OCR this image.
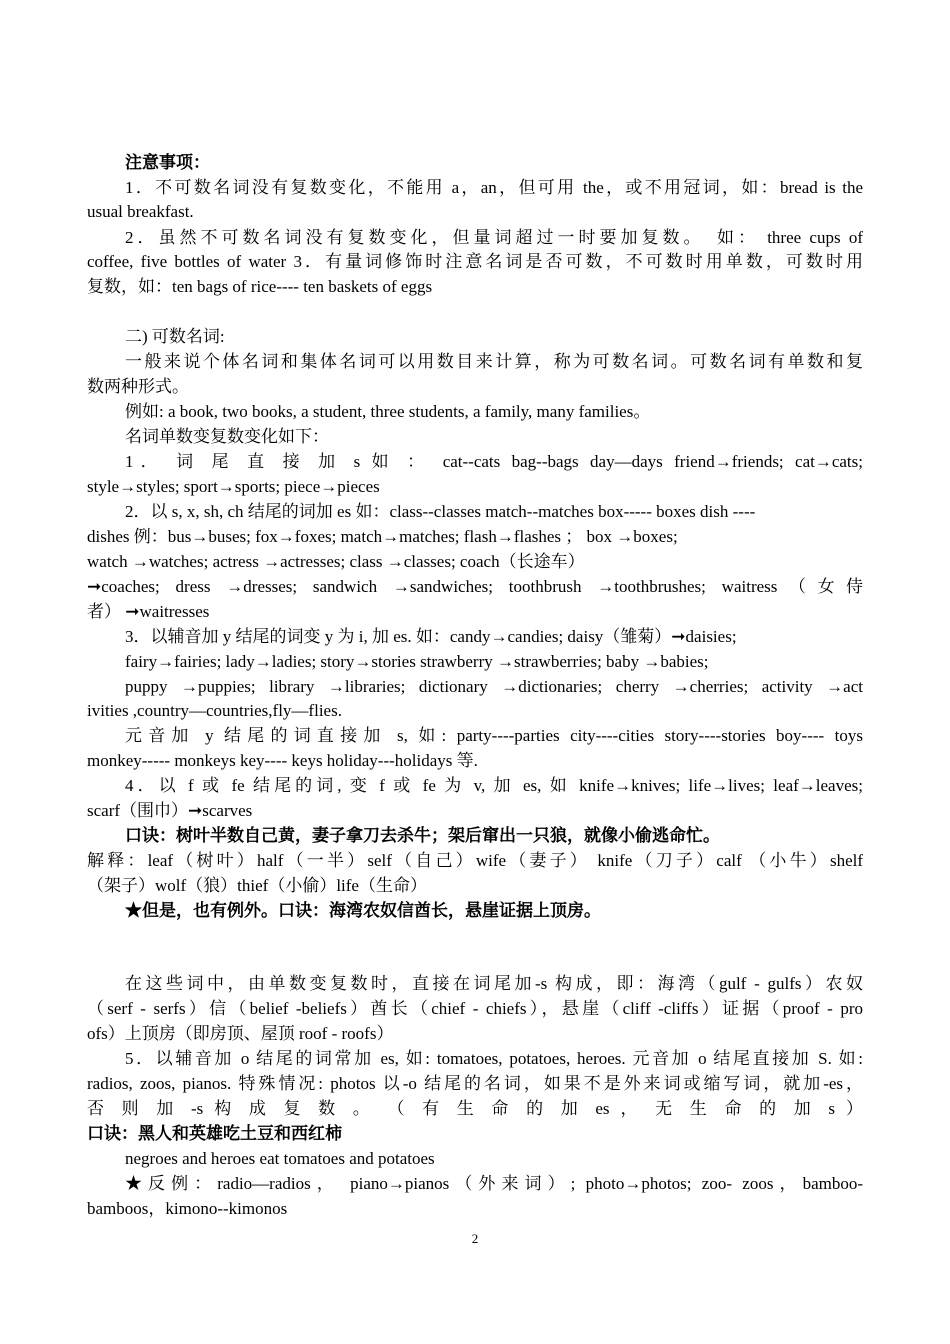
注意事项：
1．不可数名词没有复数变化，不能用 a，an，但可用 the，或不用冠词，如：bread is the
usual breakfast.
2．虽然不可数名词没有复数变化，但量词超过一时要加复数。　如： three cups of
coffee, five bottles of water 3．有量词修饰时注意名词是否可数，不可数时用单数，可数时用
复数，如：ten bags of rice---- ten baskets of eggs
二) 可数名词:
一般来说个体名词和集体名词可以用数目来计算，称为可数名词。可数名词有单数和复
数两种形式。
例如: a book, two books, a student, three students, a family, many families。
名词单数变复数变化如下：
1． 词 尾 直 接 加 s 如 ： cat--cats bag--bags day—days friend→friends; cat→cats;
style→styles; sport→sports; piece→pieces
2．以 s, x, sh, ch 结尾的词加 es 如：class--classes match--matches box----- boxes dish ----
dishes 例：bus→buses; fox→foxes; match→matches; flash→flashes ； box →boxes;
watch →watches; actress →actresses; class →classes; coach（长途车）
➞coaches; dress →dresses; sandwich →sandwiches; toothbrush →toothbrushes; waitress（女侍
者） ➞waitresses
3．以辅音加 y 结尾的词变 y 为 i, 加 es. 如：candy→candies; daisy（雏菊）➞daisies;
fairy→fairies; lady→ladies; story→stories strawberry →strawberries; baby →babies;
puppy →puppies; library →libraries; dictionary →dictionaries; cherry →cherries; activity →act
ivities ,country—countries,fly—flies.
元音加 y 结尾的词直接加 s, 如: party----parties city----cities story----stories boy---- toys
monkey----- monkeys key---- keys holiday---holidays 等.
4．以 f 或 fe 结尾的词, 变 f 或 fe 为 v, 加 es, 如 knife→knives; life→lives; leaf→leaves;
scarf（围巾）➞scarves
口诀：树叶半数自己黄，妻子拿刀去杀牛；架后窜出一只狼，就像小偷逃命忙。
解释：leaf（树叶）half（一半）self（自己）wife（妻子） knife（刀子）calf （小牛）shelf
（架子）wolf（狼）thief（小偷）life（生命）
★但是，也有例外。口诀：海湾农奴信酋长，悬崖证据上顶房。
在这些词中，由单数变复数时，直接在词尾加-s 构成，即：海湾（gulf - gulfs）农奴
（serf - serfs）信（belief -beliefs）酋长（chief - chiefs），悬崖（cliff -cliffs）证据（proof - pro
ofs）上顶房（即房顶、屋顶 roof - roofs）
5．以辅音加 o 结尾的词常加 es, 如: tomatoes, potatoes, heroes. 元音加 o 结尾直接加 S. 如:
radios, zoos, pianos. 特殊情况: photos 以-o 结尾的名词，如果不是外来词或缩写词，就加-es，
否 则 加 -s 构 成 复 数 。 （ 有 生 命 的 加 es ， 无 生 命 的 加 s ）
口诀：黑人和英雄吃土豆和西红柿
negroes and heroes eat tomatoes and potatoes
★反例：radio—radios， piano→pianos（外来词）; photo→photos; zoo- zoos，bamboo-
bamboos，kimono--kimonos
2
